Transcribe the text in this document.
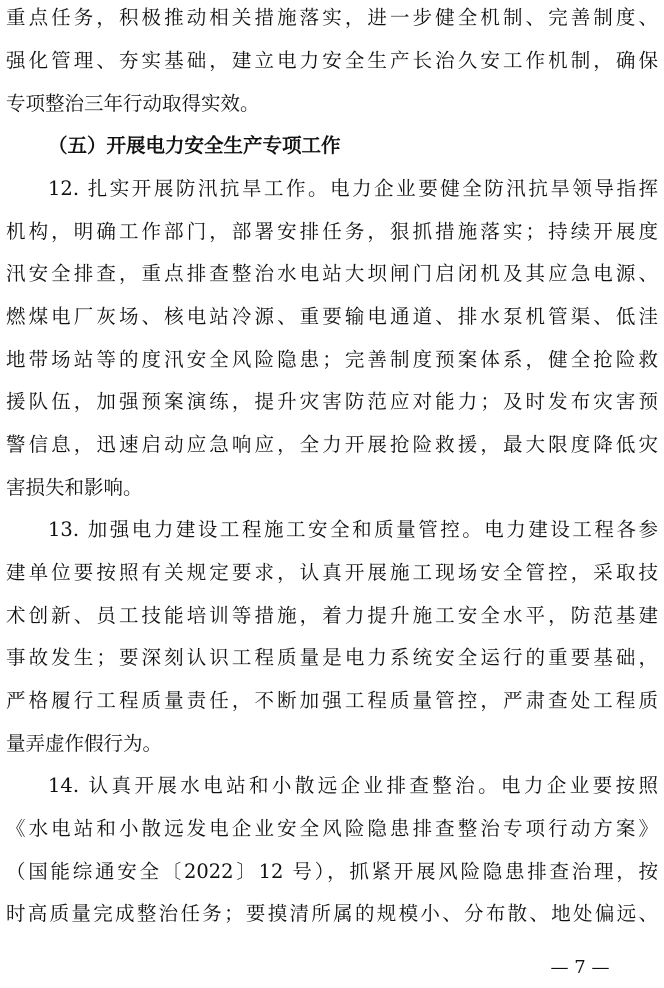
重点任务，积极推动相关措施落实，进一步健全机制、完善制度、
强化管理、夯实基础，建立电力安全生产长治久安工作机制，确保
专项整治三年行动取得实效。
（五）开展电力安全生产专项工作
12. 扎实开展防汛抗旱工作。电力企业要健全防汛抗旱领导指挥
机构，明确工作部门，部署安排任务，狠抓措施落实；持续开展度
汛安全排查，重点排查整治水电站大坝闸门启闭机及其应急电源、
燃煤电厂灰场、核电站冷源、重要输电通道、排水泵机管渠、低洼
地带场站等的度汛安全风险隐患；完善制度预案体系，健全抢险救
援队伍，加强预案演练，提升灾害防范应对能力；及时发布灾害预
警信息，迅速启动应急响应，全力开展抢险救援，最大限度降低灾
害损失和影响。
13. 加强电力建设工程施工安全和质量管控。电力建设工程各参
建单位要按照有关规定要求，认真开展施工现场安全管控，采取技
术创新、员工技能培训等措施，着力提升施工安全水平，防范基建
事故发生；要深刻认识工程质量是电力系统安全运行的重要基础，
严格履行工程质量责任，不断加强工程质量管控，严肃查处工程质
量弄虚作假行为。
14. 认真开展水电站和小散远企业排查整治。电力企业要按照
《水电站和小散远发电企业安全风险隐患排查整治专项行动方案》
（国能综通安全〔2022〕12 号），抓紧开展风险隐患排查治理，按
时高质量完成整治任务；要摸清所属的规模小、分布散、地处偏远、
— 7 —
